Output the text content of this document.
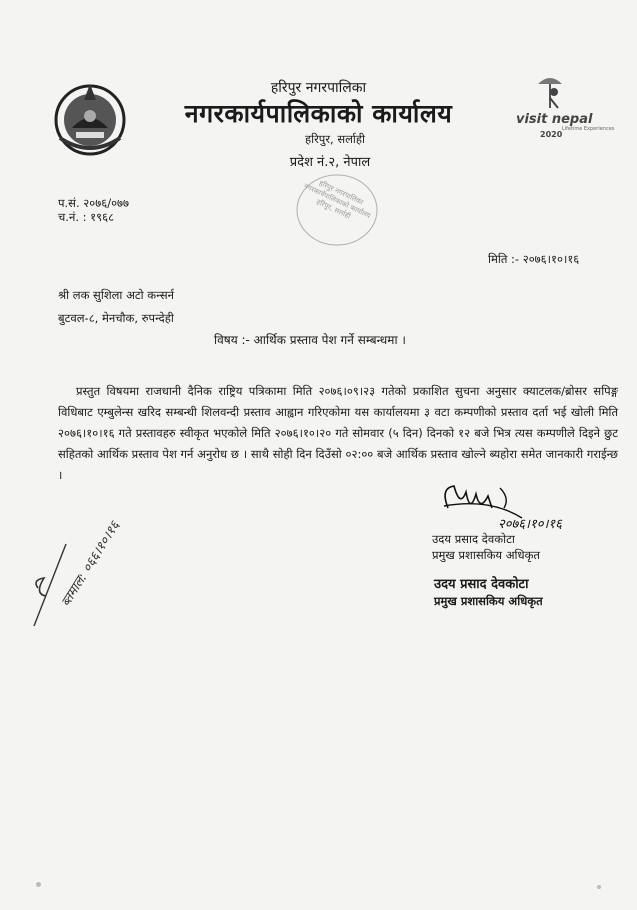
हरिपुर नगरपालिका
नगरकार्यपालिकाको कार्यालय
हरिपुर, सर्लाही
प्रदेश नं.२, नेपाल
visit nepal
Lifetime Experiences
2020
हरिपुर नगरपालिका नगरकार्यपालिकाको कार्यालय हरिपुर, सर्लाही
प.सं. २०७६/०७७
च.नं. : १९६८
मिति :- २०७६।१०।१६
श्री लक सुशिला अटो कन्सर्न
बुटवल-८, मेनचौक, रुपन्देही
विषय :- आर्थिक प्रस्ताव पेश गर्ने सम्बन्धमा ।
प्रस्तुत विषयमा राजधानी दैनिक राष्ट्रिय पत्रिकामा मिति २०७६।०९।२३ गतेको प्रकाशित सुचना अनुसार क्याटलक/ब्रोसर सपिङ्ग विधिबाट एम्बुलेन्स खरिद सम्बन्धी शिलवन्दी प्रस्ताव आह्वान गरिएकोमा यस कार्यालयमा ३ वटा कम्पणीको प्रस्ताव दर्ता भई खोली मिति २०७६।१०।१६ गते प्रस्तावहरु स्वीकृत भएकोले मिति २०७६।१०।२० गते सोमवार (५ दिन) दिनको १२ बजे भित्र त्यस कम्पणीले दिइने छुट सहितको आर्थिक प्रस्ताव पेश गर्न अनुरोध छ । साथै सोही दिन दिउँसो ०२:०० बजे आर्थिक प्रस्ताव खोल्ने ब्यहोरा समेत जानकारी गराईन्छ ।
२०७६।१०।१६
उदय प्रसाद देवकोटा
प्रमुख प्रशासकिय अधिकृत
उदय प्रसाद देवकोटा
प्रमुख प्रशासकिय अधिकृत
ब्तमाल: ०६६।१०।१६
